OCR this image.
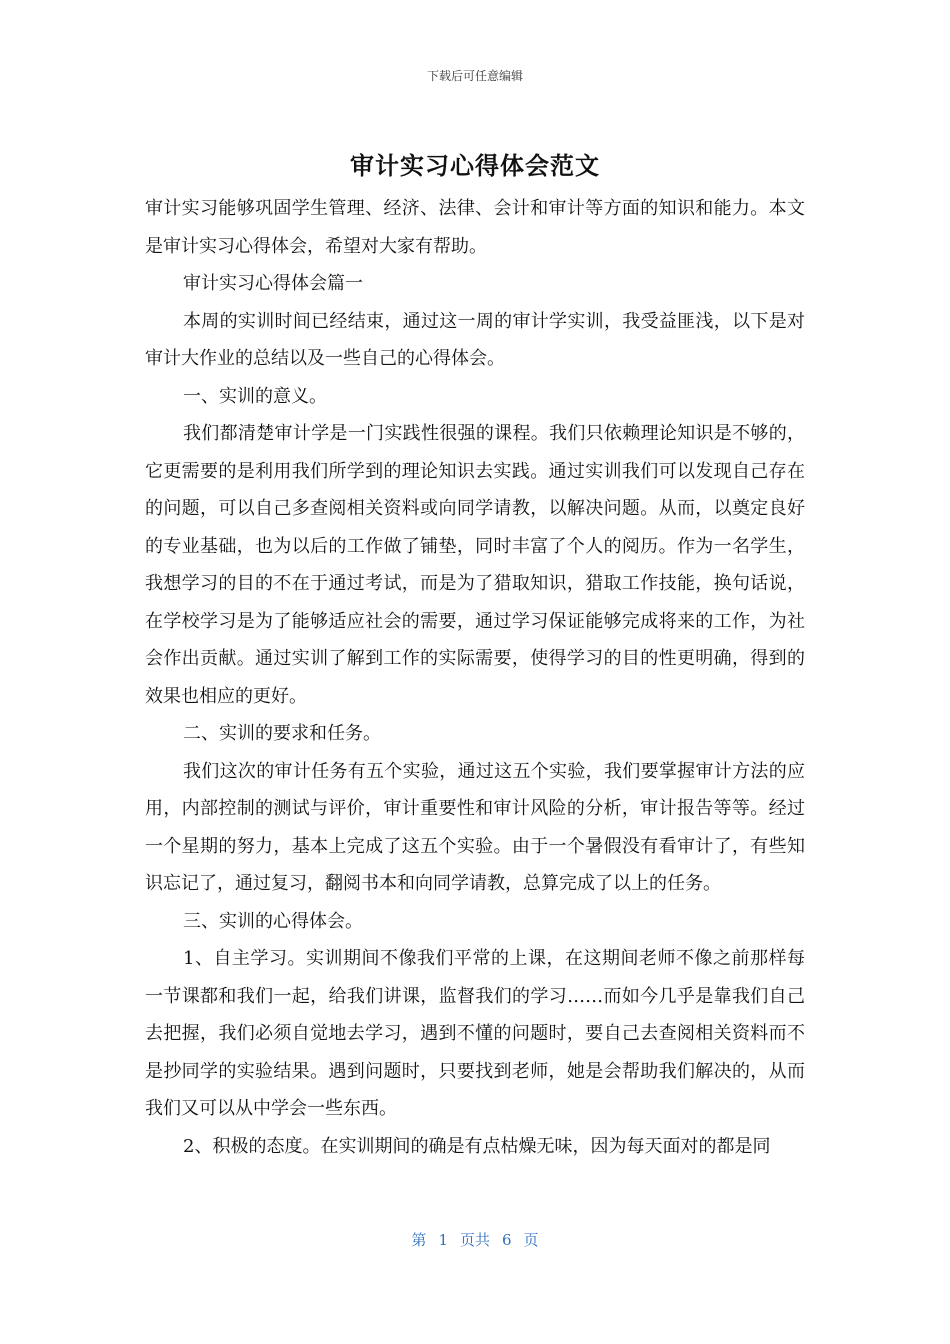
下载后可任意编辑
审计实习心得体会范文

审计实习能够巩固学生管理、经济、法律、会计和审计等方面的知识和能力。本文是审计实习心得体会，希望对大家有帮助。

审计实习心得体会篇一

本周的实训时间已经结束，通过这一周的审计学实训，我受益匪浅，以下是对审计大作业的总结以及一些自己的心得体会。

一、实训的意义。

我们都清楚审计学是一门实践性很强的课程。我们只依赖理论知识是不够的，它更需要的是利用我们所学到的理论知识去实践。通过实训我们可以发现自己存在的问题，可以自己多查阅相关资料或向同学请教，以解决问题。从而，以奠定良好的专业基础，也为以后的工作做了铺垫，同时丰富了个人的阅历。作为一名学生，我想学习的目的不在于通过考试，而是为了猎取知识，猎取工作技能，换句话说，在学校学习是为了能够适应社会的需要，通过学习保证能够完成将来的工作，为社会作出贡献。通过实训了解到工作的实际需要，使得学习的目的性更明确，得到的效果也相应的更好。

二、实训的要求和任务。

我们这次的审计任务有五个实验，通过这五个实验，我们要掌握审计方法的应用，内部控制的测试与评价，审计重要性和审计风险的分析，审计报告等等。经过一个星期的努力，基本上完成了这五个实验。由于一个暑假没有看审计了，有些知识忘记了，通过复习，翻阅书本和向同学请教，总算完成了以上的任务。

三、实训的心得体会。

1、自主学习。实训期间不像我们平常的上课，在这期间老师不像之前那样每一节课都和我们一起，给我们讲课，监督我们的学习……而如今几乎是靠我们自己去把握，我们必须自觉地去学习，遇到不懂的问题时，要自己去查阅相关资料而不是抄同学的实验结果。遇到问题时，只要找到老师，她是会帮助我们解决的，从而我们又可以从中学会一些东西。

2、积极的态度。在实训期间的确是有点枯燥无味，因为每天面对的都是同

第 1 页共 6 页
